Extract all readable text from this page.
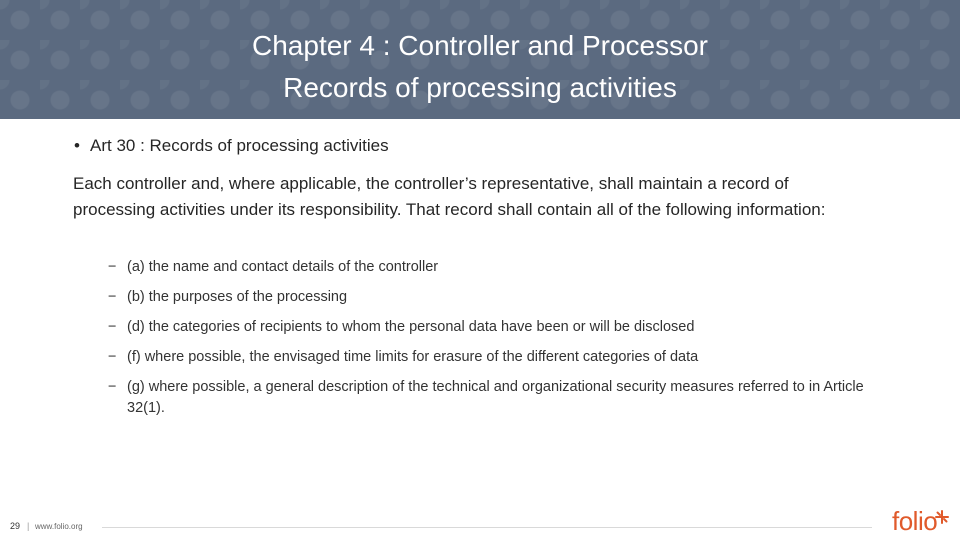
Chapter 4 : Controller and Processor
Records of processing activities
• Art 30 : Records of processing activities
Each controller and, where applicable, the controller’s representative, shall maintain a record of processing activities under its responsibility. That record shall contain all of the following information:
− (a) the name and contact details of the controller
− (b) the purposes of the processing
− (d) the categories of recipients to whom the personal data have been or will be disclosed
− (f) where possible, the envisaged time limits for erasure of the different categories of data
− (g) where possible, a general description of the technical and organizational security measures referred to in Article 32(1).
29 | www.folio.org	folio
